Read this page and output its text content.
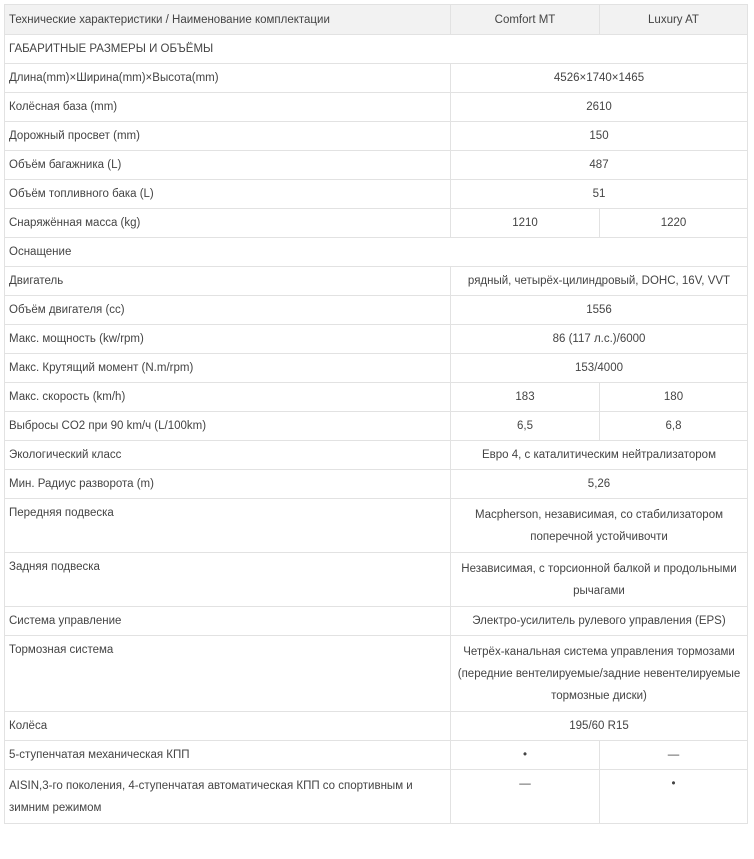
Технические характеристики / Наименование комплектации	Comfort MT	Luxury AT
ГАБАРИТНЫЕ РАЗМЕРЫ И ОБЪЁМЫ		
Длина(mm)×Ширина(mm)×Высота(mm)	4526×1740×1465	
Колёсная база (mm)	2610	
Дорожный просвет (mm)	150	
Объём багажника (L)	487	
Объём топливного бака (L)	51	
Снаряжённая масса (kg)	1210	1220
Оснащение		
Двигатель	рядный, четырёх-цилиндровый, DOHC, 16V, VVT	
Объём двигателя (cc)	1556	
Макс. мощность (kw/rpm)	86 (117 л.с.)/6000	
Макс. Крутящий момент (N.m/rpm)	153/4000	
Макс. скорость (km/h)	183	180
Выбросы CO2 при 90 km/ч (L/100km)	6,5	6,8
Экологический класс	Евро 4, с каталитическим нейтрализатором	
Мин. Радиус разворота (m)	5,26	
Передняя подвеска	Macpherson, независимая, со стабилизатором поперечной устойчивочти	
Задняя подвеска	Независимая, с торсионной балкой и продольными рычагами	
Система управление	Электро-усилитель рулевого управления (EPS)	
Тормозная система	Четрёх-канальная система управления тормозами (передние вентелируемые/задние невентелируемые тормозные диски)	
Колёса	195/60 R15	
5-ступенчатая механическая КПП	•	—
AISIN,3-го поколения, 4-ступенчатая автоматическая КПП со спортивным и зимним режимом	—	•
